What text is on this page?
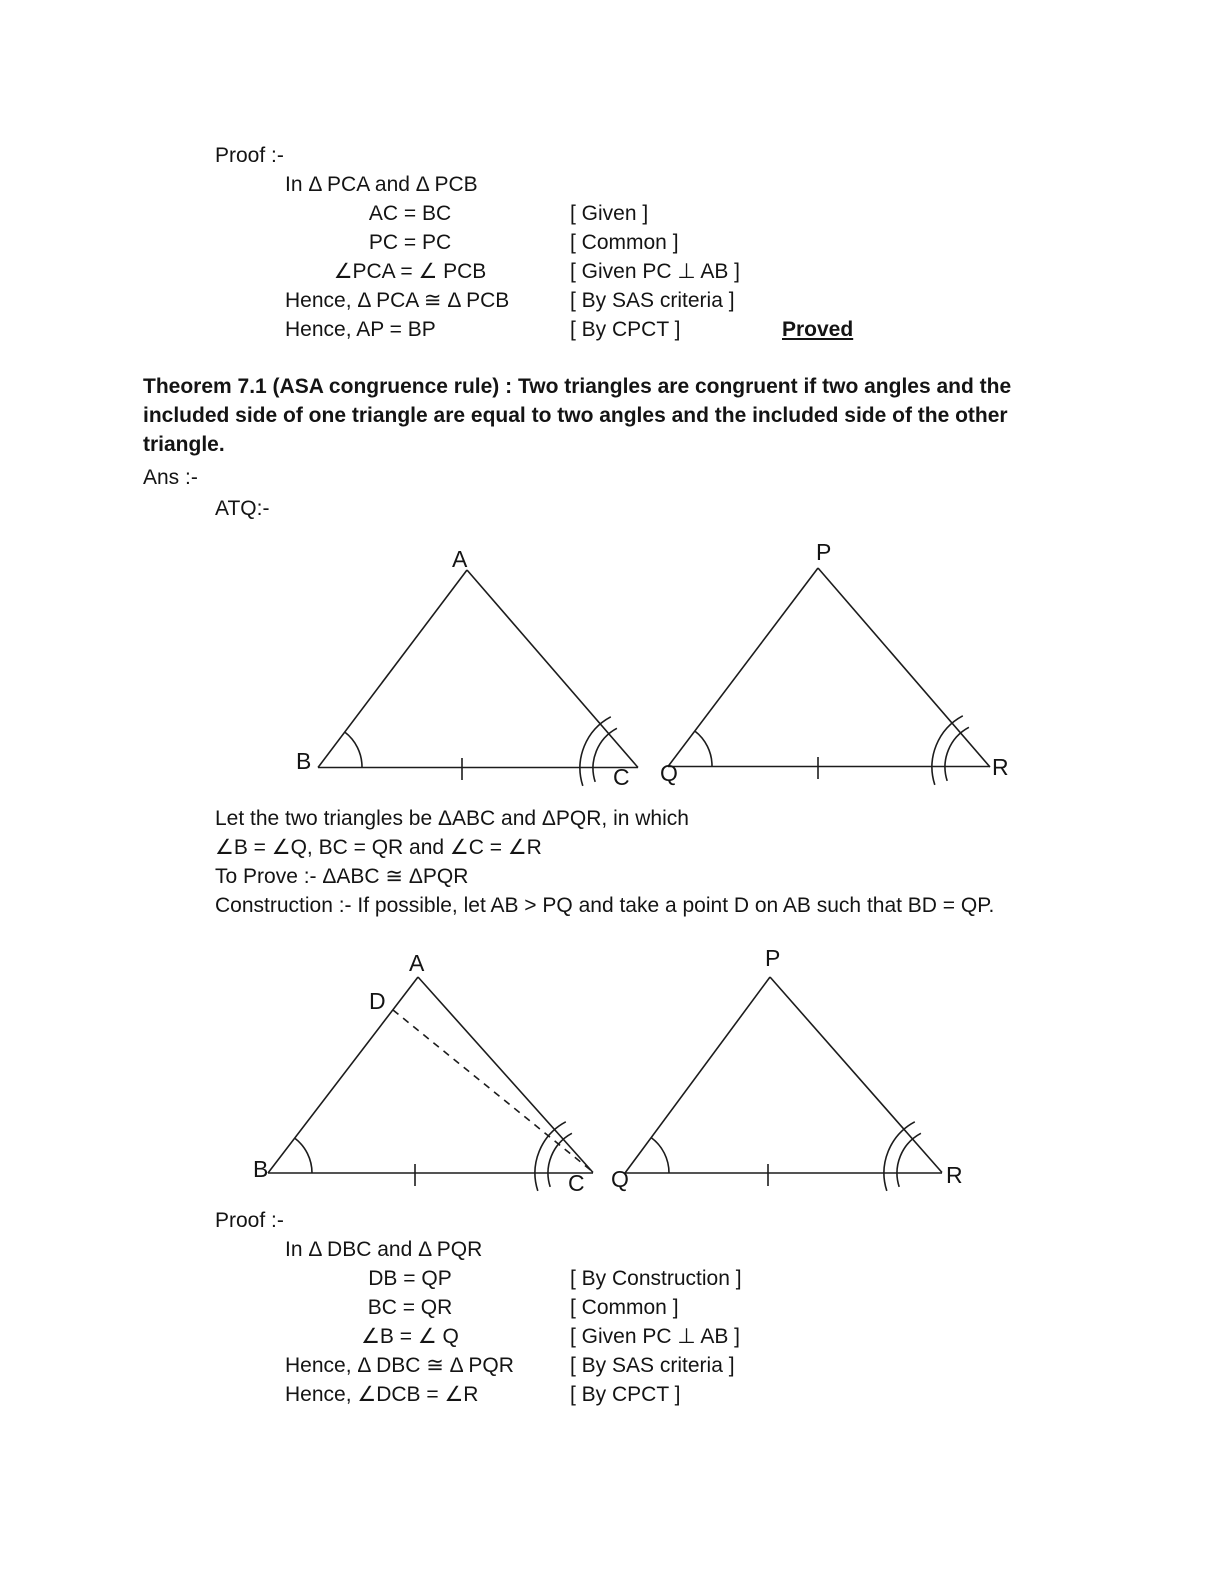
Proof :-
In Δ PCA and Δ PCB
AC = BC	[ Given ]
PC = PC	[ Common ]
∠PCA = ∠ PCB	[ Given PC ⊥ AB ]
Hence, Δ PCA ≅ Δ PCB	[ By SAS criteria ]
Hence, AP = BP	[ By CPCT ]	Proved
Theorem 7.1 (ASA congruence rule) : Two triangles are congruent if two angles and the included side of one triangle are equal to two angles and the included side of the other triangle.
Ans :-
ATQ:-
A	P
B
C Q	R
Let the two triangles be ΔABC and ΔPQR, in which
∠B = ∠Q, BC = QR and ∠C = ∠R
To Prove :- ΔABC ≅ ΔPQR
Construction :- If possible, let AB > PQ and take a point D on AB such that BD = QP.
A
D
P
B
C Q	R
Proof :-
In Δ DBC and Δ PQR
DB = QP	[ By Construction ]
BC = QR	[ Common ]
∠B = ∠ Q	[ Given PC ⊥ AB ]
Hence, Δ DBC ≅ Δ PQR	[ By SAS criteria ]
Hence, ∠DCB = ∠R	[ By CPCT ]
